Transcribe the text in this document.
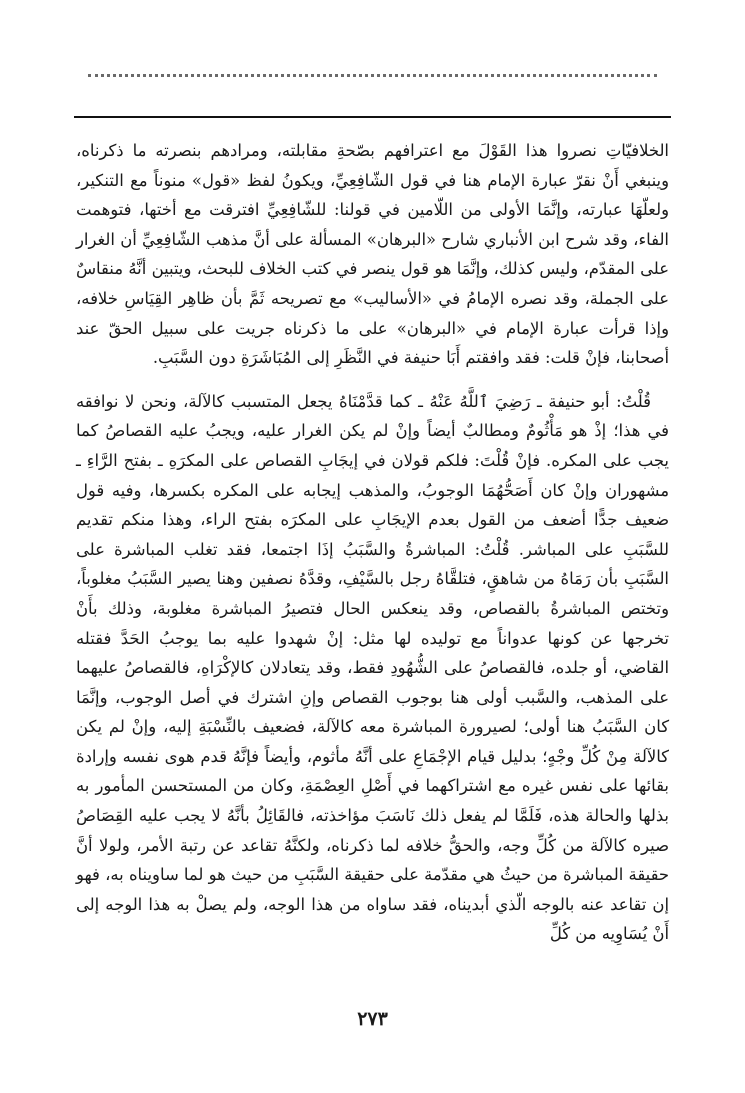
الخلافيّاتِ نصروا هذا القَوْلَ مع اعترافهم بصّحةِ مقابلته، ومرادهم بنصرته ما ذكرناه، وينبغي أَنْ نقرّ عبارة الإمام هنا في قول الشّافِعِيِّ، ويكونُ لفظ «قول» منوناً مع التنكير، ولعلّهَا عبارته، وإنَّمَا الأولى من اللّامين في قولنا: للشّافِعِيِّ افترقت مع أختها، فتوهمت الفاء، وقد شرح ابن الأنباري شارح «البرهان» المسألة على أنَّ مذهب الشّافِعِيِّ أن الغرار على المقدّم، وليس كذلك، وإنَّمَا هو قول ينصر في كتب الخلاف للبحث، ويتبين أنَّهُ منقاسٌ على الجملة، وقد نصره الإمامُ في «الأساليب» مع تصريحه ثَمَّ بأن ظاهِر القِيَاسِ خلافه، وإذا قرأت عبارة الإمام في «البرهان» على ما ذكرناه جريت على سبيل الحقّ عند أصحابنا، فإنْ قلت: فقد وافقتم أَبَا حنيفة في النَّظَرِ إلى المُبَاشَرَةِ دون السَّبَبِ.

قُلْتُ: أبو حنيفة ـ رَضِيَ ٱللَّهُ عَنْهُ ـ كما قدَّمْنَاهُ يجعل المتسبب كالآلة، ونحن لا نوافقه في هذا؛ إذْ هو مَأْثُومٌ ومطالبٌ أيضاً وإنْ لم يكن الغرار عليه، ويجبُ عليه القصاصُ كما يجب على المكره. فإنْ قُلْتَ: فلكم قولان في إيجَابِ القصاص على المكرَهِ ـ بفتح الرَّاءِ ـ مشهوران وإنْ كان أَصَحُّهُمَا الوجوبُ، والمذهب إيجابه على المكره بكسرها، وفيه قول ضعيف جدًّا أضعف من القول بعدم الإيجَابِ على المكرَه بفتح الراء، وهذا منكم تقديم للسَّبَبِ على المباشر. قُلْتُ: المباشرةُ والسَّبَبُ إذَا اجتمعا، فقد تغلب المباشرة على السَّبَبِ بأن رَمَاهُ من شاهقٍ، فتلقَّاهُ رجل بالسَّيْفِ، وقدَّهُ نصفين وهنا يصير السَّبَبُ مغلوباً، وتختص المباشرةُ بالقصاص، وقد ينعكس الحال فتصيرُ المباشرة مغلوبة، وذلك بأَنْ تخرجها عن كونها عدواناً مع توليده لها مثل: إنْ شهدوا عليه بما يوجبُ الحَدَّ فقتله القاضي، أو جلده، فالقصاصُ على الشُّهُودِ فقط، وقد يتعادلان كالإكْرَاهِ، فالقصاصُ عليهما على المذهب، والسَّبب أولى هنا بوجوب القصاص وإنِ اشترك في أصل الوجوب، وإنَّمَا كان السَّبَبُ هنا أولى؛ لصيرورة المباشرة معه كالآلة، فضعيف بالنِّسْبَةِ إليه، وإنْ لم يكن كالآلة مِنْ كُلِّ وجْهٍ؛ بدليل قيام الإجْمَاعِ على أنَّهُ مأثوم، وأيضاً فإنَّهُ قدم هوى نفسه وإرادة بقائها على نفس غيره مع اشتراكهما في أَصْلِ العِصْمَةِ، وكان من المستحسن المأمور به بذلها والحالة هذه، فَلَمَّا لم يفعل ذلك نَاسَبَ مؤاخذته، فالقَائِلُ بأنَّهُ لا يجب عليه القِصَاصُ صيره كالآلة من كُلِّ وجه، والحقُّ خلافه لما ذكرناه، ولكنَّهُ تقاعد عن رتبة الأمر، ولولا أنَّ حقيقة المباشرة من حيثُ هي مقدّمة على حقيقة السَّبَبِ من حيث هو لما ساويناه به، فهو إن تقاعد عنه بالوجه الّذي أبديناه، فقد ساواه من هذا الوجه، ولم يصلْ به هذا الوجه إلى أَنْ يُسَاوِيه من كُلِّ

٢٧٣
